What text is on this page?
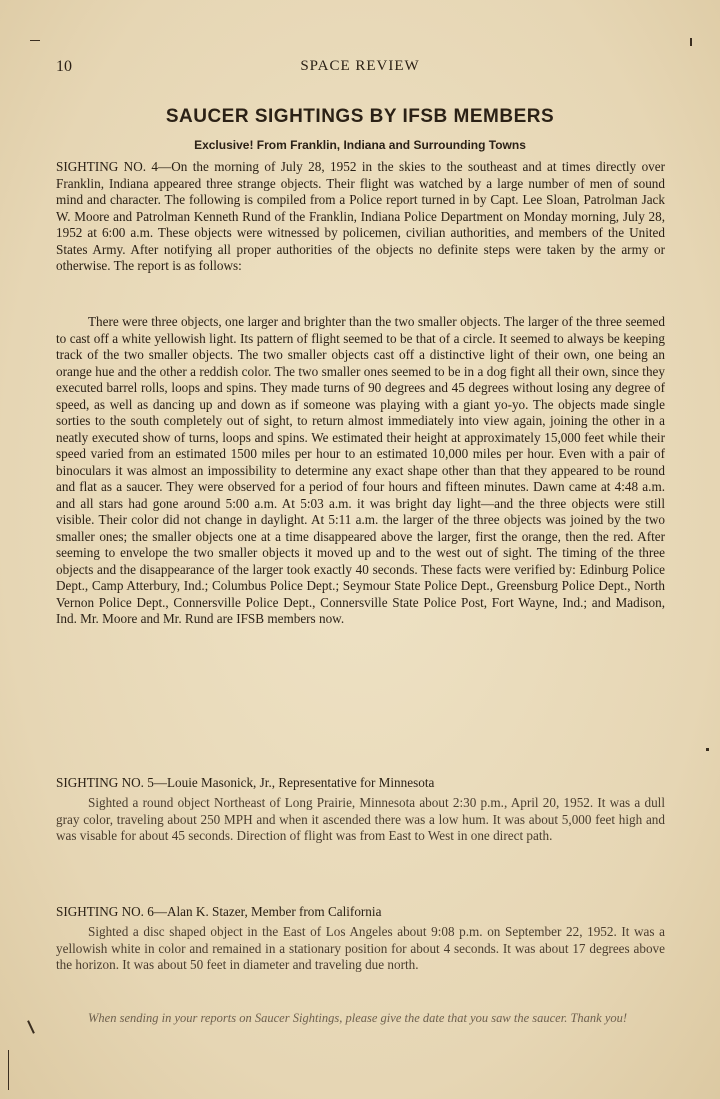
10	SPACE REVIEW
SAUCER SIGHTINGS BY IFSB MEMBERS
Exclusive! From Franklin, Indiana and Surrounding Towns

SIGHTING NO. 4—On the morning of July 28, 1952 in the skies to the southeast and at times directly over Franklin, Indiana appeared three strange objects. Their flight was watched by a large number of men of sound mind and character. The following is compiled from a Police report turned in by Capt. Lee Sloan, Patrolman Jack W. Moore and Patrolman Kenneth Rund of the Franklin, Indiana Police Department on Monday morning, July 28, 1952 at 6:00 a.m. These objects were witnessed by policemen, civilian authorities, and members of the United States Army. After notifying all proper authorities of the objects no definite steps were taken by the army or otherwise. The report is as follows:

There were three objects, one larger and brighter than the two smaller objects. The larger of the three seemed to cast off a white yellowish light. Its pattern of flight seemed to be that of a circle. It seemed to always be keeping track of the two smaller objects. The two smaller objects cast off a distinctive light of their own, one being an orange hue and the other a reddish color. The two smaller ones seemed to be in a dog fight all their own, since they executed barrel rolls, loops and spins. They made turns of 90 degrees and 45 degrees without losing any degree of speed, as well as dancing up and down as if someone was playing with a giant yo-yo. The objects made single sorties to the south completely out of sight, to return almost immediately into view again, joining the other in a neatly executed show of turns, loops and spins. We estimated their height at approximately 15,000 feet while their speed varied from an estimated 1500 miles per hour to an estimated 10,000 miles per hour. Even with a pair of binoculars it was almost an impossibility to determine any exact shape other than that they appeared to be round and flat as a saucer. They were observed for a period of four hours and fifteen minutes. Dawn came at 4:48 a.m. and all stars had gone around 5:00 a.m. At 5:03 a.m. it was bright day light—and the three objects were still visible. Their color did not change in daylight. At 5:11 a.m. the larger of the three objects was joined by the two smaller ones; the smaller objects one at a time disappeared above the larger, first the orange, then the red. After seeming to envelope the two smaller objects it moved up and to the west out of sight. The timing of the three objects and the disappearance of the larger took exactly 40 seconds. These facts were verified by: Edinburg Police Dept., Camp Atterbury, Ind.; Columbus Police Dept.; Seymour State Police Dept., Greensburg Police Dept., North Vernon Police Dept., Connersville Police Dept., Connersville State Police Post, Fort Wayne, Ind.; and Madison, Ind. Mr. Moore and Mr. Rund are IFSB members now.

SIGHTING NO. 5—Louie Masonick, Jr., Representative for Minnesota

Sighted a round object Northeast of Long Prairie, Minnesota about 2:30 p.m., April 20, 1952. It was a dull gray color, traveling about 250 MPH and when it ascended there was a low hum. It was about 5,000 feet high and was visable for about 45 seconds. Direction of flight was from East to West in one direct path.

SIGHTING NO. 6—Alan K. Stazer, Member from California

Sighted a disc shaped object in the East of Los Angeles about 9:08 p.m. on September 22, 1952. It was a yellowish white in color and remained in a stationary position for about 4 seconds. It was about 17 degrees above the horizon. It was about 50 feet in diameter and traveling due north.

When sending in your reports on Saucer Sightings, please give the date that you saw the saucer. Thank you!
